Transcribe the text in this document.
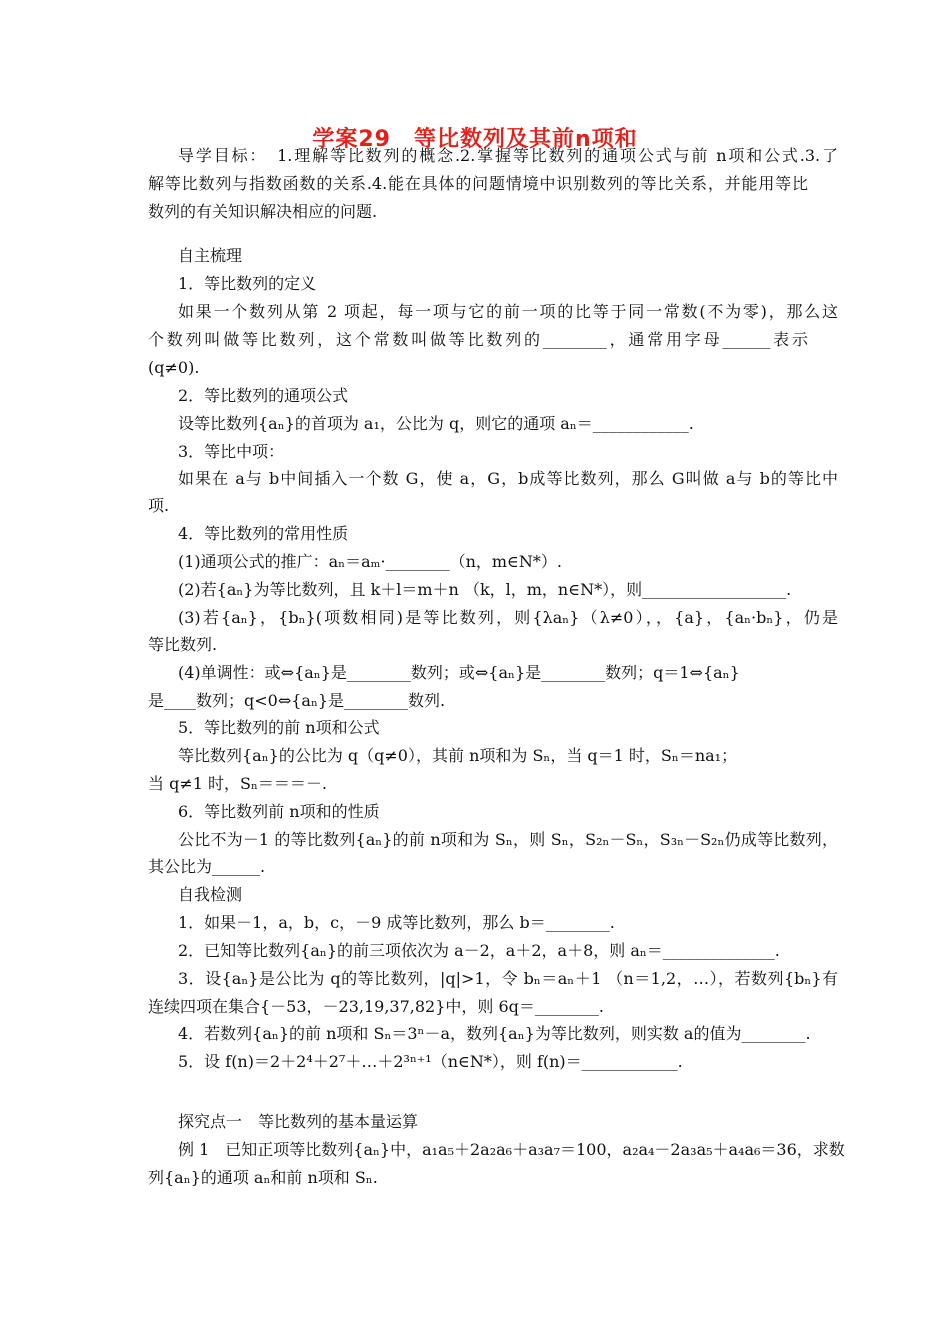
学案29　等比数列及其前n项和
导学目标：　1.理解等比数列的概念.2.掌握等比数列的通项公式与前 n项和公式.3.了
解等比数列与指数函数的关系.4.能在具体的问题情境中识别数列的等比关系，并能用等比
数列的有关知识解决相应的问题.
自主梳理
1．等比数列的定义
如果一个数列从第 2 项起，每一项与它的前一项的比等于同一常数(不为零)，那么这
个数列叫做等比数列，这个常数叫做等比数列的________，通常用字母______表示
(q≠0).
2．等比数列的通项公式
设等比数列{aₙ}的首项为 a₁，公比为 q，则它的通项 aₙ＝____________.
3．等比中项：
如果在 a与 b中间插入一个数 G，使 a，G，b成等比数列，那么 G叫做 a与 b的等比中
项.
4．等比数列的常用性质
(1)通项公式的推广：aₙ＝aₘ·________（n，m∈N*）.
(2)若{aₙ}为等比数列，且 k＋l＝m＋n （k，l，m，n∈N*），则__________________.
(3)若{aₙ}，{bₙ}(项数相同)是等比数列，则{λaₙ}（λ≠0），，{a}，{aₙ·bₙ}，仍是
等比数列.
(4)单调性：或⇔{aₙ}是________数列；或⇔{aₙ}是________数列；q＝1⇔{aₙ}
是____数列；q<0⇔{aₙ}是________数列.
5．等比数列的前 n项和公式
等比数列{aₙ}的公比为 q（q≠0），其前 n项和为 Sₙ，当 q＝1 时，Sₙ＝na₁；
当 q≠1 时，Sₙ＝＝＝－.
6．等比数列前 n项和的性质
公比不为－1 的等比数列{aₙ}的前 n项和为 Sₙ，则 Sₙ，S₂ₙ－Sₙ，S₃ₙ－S₂ₙ仍成等比数列，
其公比为______.
自我检测
1．如果－1，a，b，c，－9 成等比数列，那么 b＝________.
2．已知等比数列{aₙ}的前三项依次为 a－2，a＋2，a＋8，则 aₙ＝______________.
3．设{aₙ}是公比为 q的等比数列，|q|>1，令 bₙ＝aₙ＋1 （n＝1,2，…），若数列{bₙ}有
连续四项在集合{－53，－23,19,37,82}中，则 6q＝________.
4．若数列{aₙ}的前 n项和 Sₙ＝3ⁿ－a，数列{aₙ}为等比数列，则实数 a的值为________.
5．设 f(n)＝2＋2⁴＋2⁷＋…＋2³ⁿ⁺¹（n∈N*），则 f(n)＝____________.
探究点一　等比数列的基本量运算
例 1　已知正项等比数列{aₙ}中，a₁a₅＋2a₂a₆＋a₃a₇＝100，a₂a₄－2a₃a₅＋a₄a₆＝36，求数
列{aₙ}的通项 aₙ和前 n项和 Sₙ.
